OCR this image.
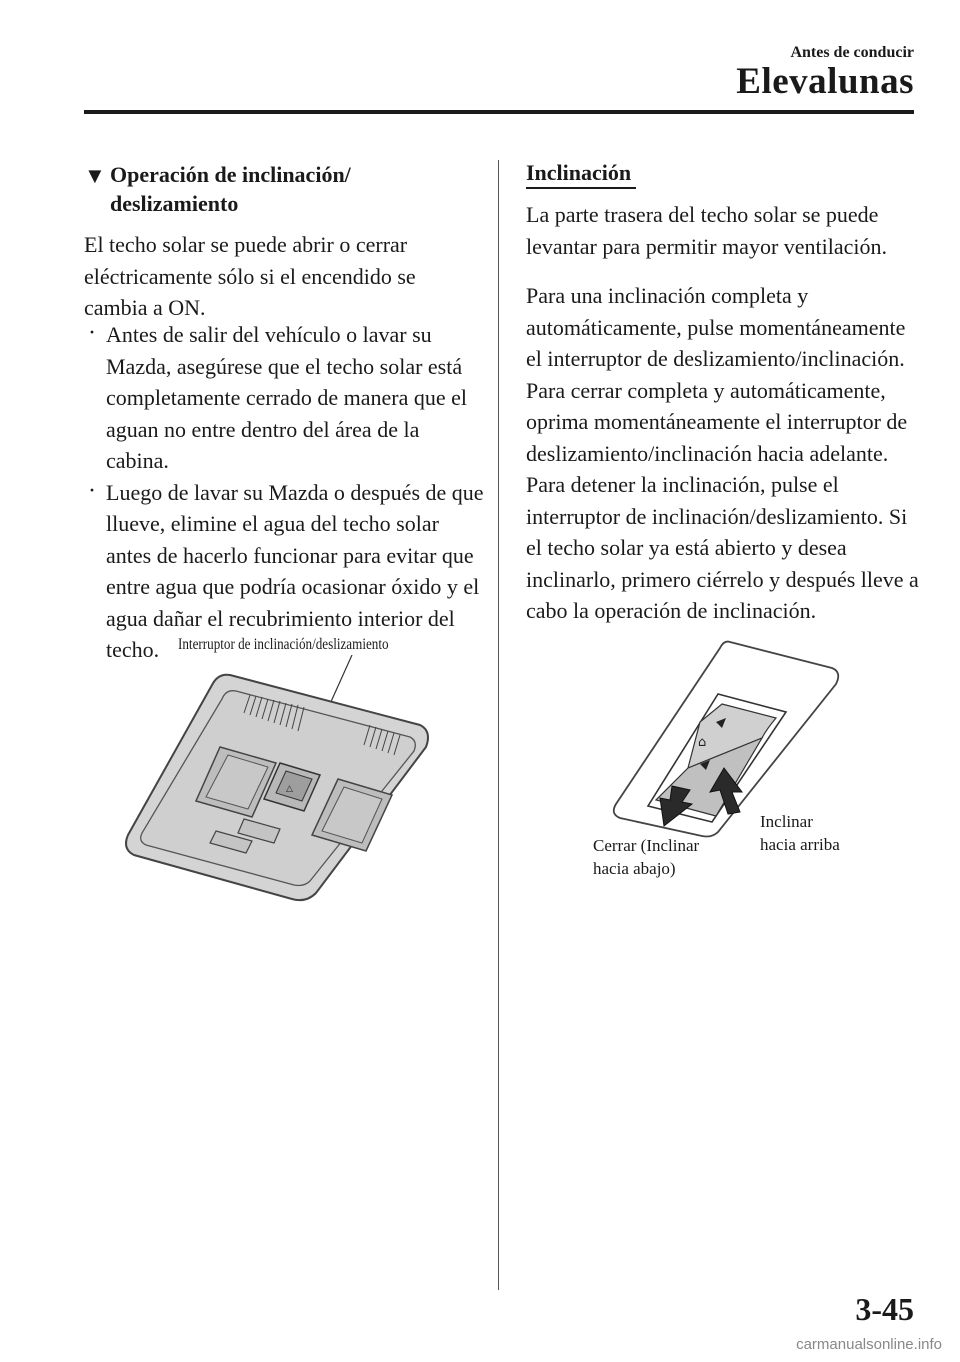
Antes de conducir
Elevalunas
▼ Operación de inclinación/ deslizamiento
El techo solar se puede abrir o cerrar eléctricamente sólo si el encendido se cambia a ON.
· Antes de salir del vehículo o lavar su Mazda, asegúrese que el techo solar está completamente cerrado de manera que el aguan no entre dentro del área de la cabina.
· Luego de lavar su Mazda o después de que llueve, elimine el agua del techo solar antes de hacerlo funcionar para evitar que entre agua que podría ocasionar óxido y el agua dañar el recubrimiento interior del techo.	Interruptor de inclinación/deslizamiento
△
Inclinación
La parte trasera del techo solar se puede levantar para permitir mayor ventilación.
Para una inclinación completa y automáticamente, pulse momentáneamente el interruptor de deslizamiento/inclinación. Para cerrar completa y automáticamente, oprima momentáneamente el interruptor de deslizamiento/inclinación hacia adelante. Para detener la inclinación, pulse el interruptor de inclinación/deslizamiento. Si el techo solar ya está abierto y desea inclinarlo, primero ciérrelo y después lleve a cabo la operación de inclinación.
⌂
Cerrar (Inclinar
hacia abajo)
Inclinar
hacia arriba
3-45
carmanualsonline.info
